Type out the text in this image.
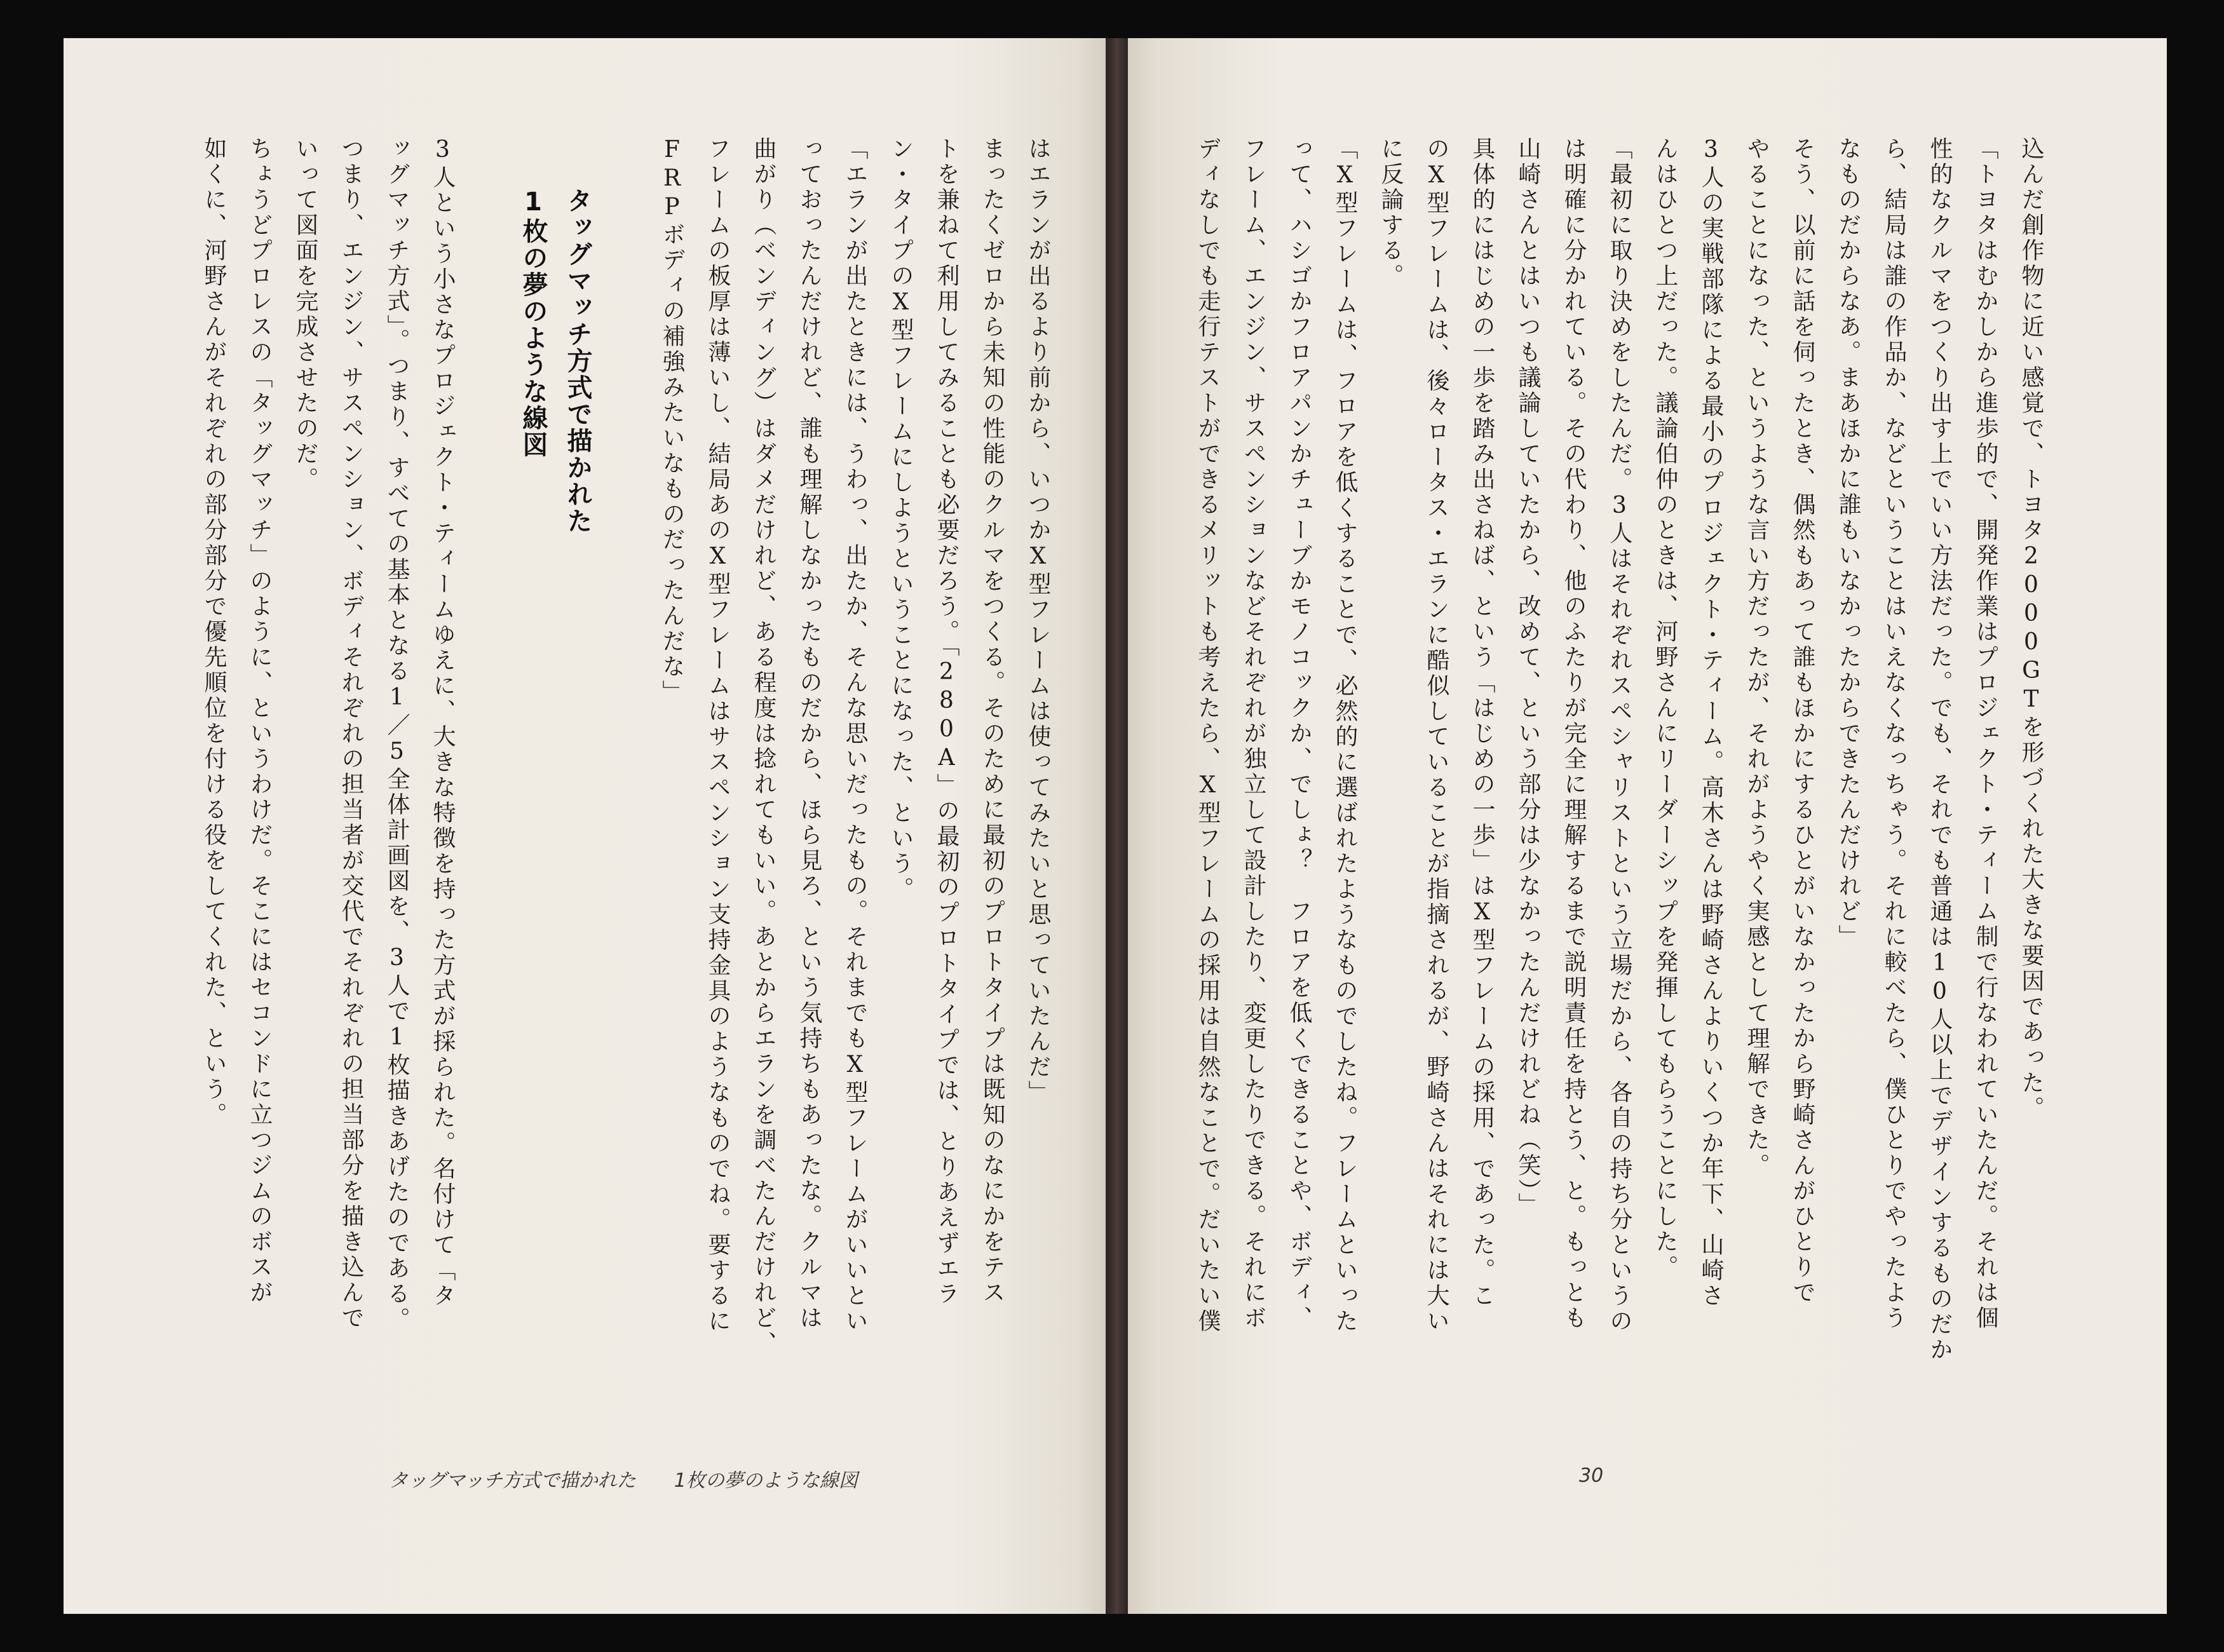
込んだ創作物に近い感覚で、トヨタ2000GTを形づくれた大きな要因であった。
「トヨタはむかしから進歩的で、開発作業はプロジェクト・ティーム制で行なわれていたんだ。それは個
性的なクルマをつくり出す上でいい方法だった。でも、それでも普通は10人以上でデザインするものだか
ら、結局は誰の作品か、などということはいえなくなっちゃう。それに較べたら、僕ひとりでやったよう
なものだからなあ。まあほかに誰もいなかったからできたんだけれど」
そう、以前に話を伺ったとき、偶然もあって誰もほかにするひとがいなかったから野崎さんがひとりで
やることになった、というような言い方だったが、それがようやく実感として理解できた。
3人の実戦部隊による最小のプロジェクト・ティーム。高木さんは野崎さんよりいくつか年下、山崎さ
んはひとつ上だった。議論伯仲のときは、河野さんにリーダーシップを発揮してもらうことにした。
「最初に取り決めをしたんだ。3人はそれぞれスペシャリストという立場だから、各自の持ち分というの
は明確に分かれている。その代わり、他のふたりが完全に理解するまで説明責任を持とう、と。もっとも
山崎さんとはいつも議論していたから、改めて、という部分は少なかったんだけれどね（笑）」
具体的にはじめの一歩を踏み出さねば、という「はじめの一歩」はX型フレームの採用、であった。こ
のX型フレームは、後々ロータス・エランに酷似していることが指摘されるが、野崎さんはそれには大い
に反論する。
「X型フレームは、フロアを低くすることで、必然的に選ばれたようなものでしたね。フレームといった
って、ハシゴかフロアパンかチューブかモノコックか、でしょ？　フロアを低くできることや、ボディ、
フレーム、エンジン、サスペンションなどそれぞれが独立して設計したり、変更したりできる。それにボ
ディなしでも走行テストができるメリットも考えたら、X型フレームの採用は自然なことで。だいたい僕
はエランが出るより前から、いつかX型フレームは使ってみたいと思っていたんだ」
まったくゼロから未知の性能のクルマをつくる。そのために最初のプロトタイプは既知のなにかをテス
トを兼ねて利用してみることも必要だろう。「280A」の最初のプロトタイプでは、とりあえずエラ
ン・タイプのX型フレームにしようということになった、という。
「エランが出たときには、うわっ、出たか、そんな思いだったもの。それまでもX型フレームがいいとい
っておったんだけれど、誰も理解しなかったものだから、ほら見ろ、という気持ちもあったな。クルマは
曲がり（ベンディング）はダメだけれど、ある程度は捻れてもいい。あとからエランを調べたんだけれど、
フレームの板厚は薄いし、結局あのX型フレームはサスペンション支持金具のようなものでね。要するに
FRPボディの補強みたいなものだったんだな」
タッグマッチ方式で描かれた
1枚の夢のような線図
3人という小さなプロジェクト・ティームゆえに、大きな特徴を持った方式が採られた。名付けて「タ
ッグマッチ方式」。つまり、すべての基本となる1／5全体計画図を、3人で1枚描きあげたのである。
つまり、エンジン、サスペンション、ボディそれぞれの担当者が交代でそれぞれの担当部分を描き込んで
いって図面を完成させたのだ。
ちょうどプロレスの「タッグマッチ」のように、というわけだ。そこにはセコンドに立つジムのボスが
如くに、河野さんがそれぞれの部分部分で優先順位を付ける役をしてくれた、という。
タッグマッチ方式で描かれた　　1枚の夢のような線図	30
